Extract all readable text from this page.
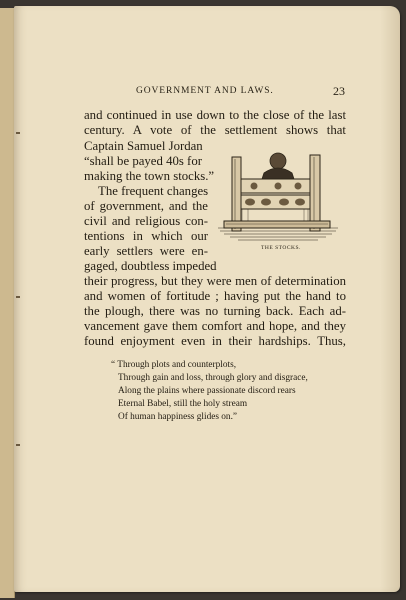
GOVERNMENT AND LAWS.	23
and continued in use down to the close of the last
century. A vote of the settlement shows that
Captain Samuel Jordan
“shall be payed 40s for
making the town stocks.”
The frequent changes
of government, and the
civil and religious con-
tentions in which our
early settlers were en-
gaged, doubtless impeded
their progress, but they were men of determination
and women of fortitude ; having put the hand to
the plough, there was no turning back. Each ad-
vancement gave them comfort and hope, and they
found enjoyment even in their hardships. Thus,
THE STOCKS.
“ Through plots and counterplots,
Through gain and loss, through glory and disgrace,
Along the plains where passionate discord rears
Eternal Babel, still the holy stream
Of human happiness glides on.”
